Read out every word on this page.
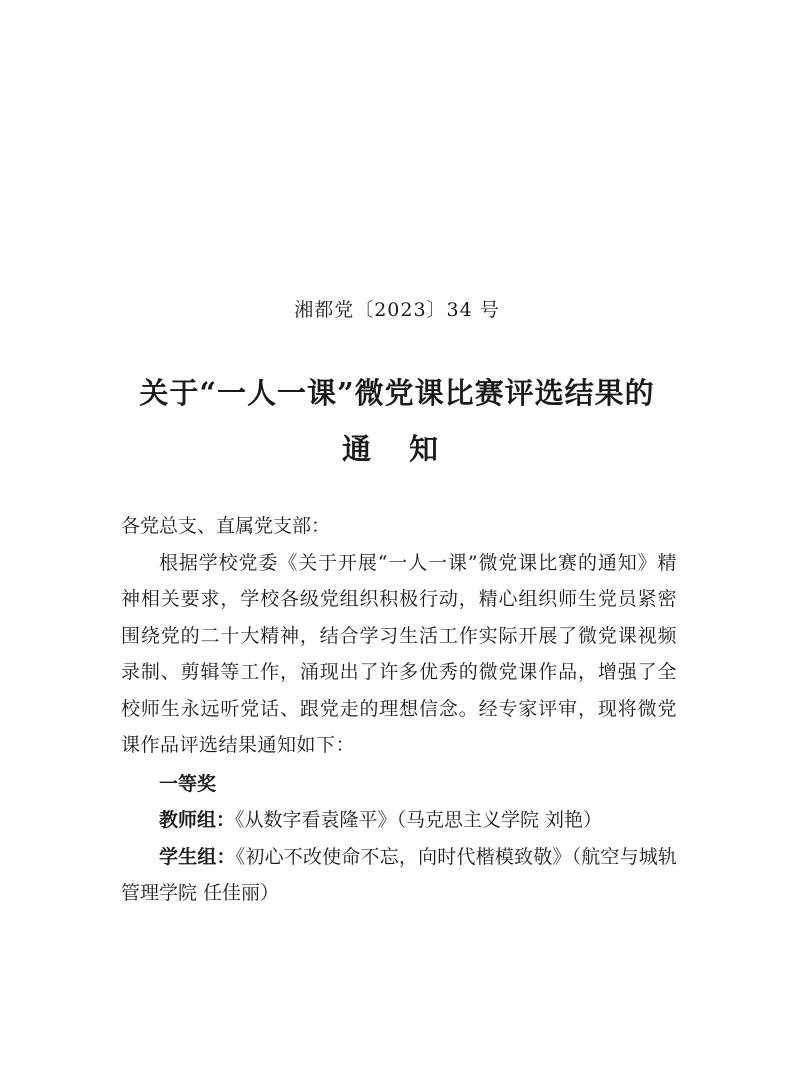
湘都党〔2023〕34 号
关于“一人一课”微党课比赛评选结果的
通 知

各党总支、直属党支部：

根据学校党委《关于开展“一人一课”微党课比赛的通知》精神相关要求，学校各级党组织积极行动，精心组织师生党员紧密围绕党的二十大精神，结合学习生活工作实际开展了微党课视频录制、剪辑等工作，涌现出了许多优秀的微党课作品，增强了全校师生永远听党话、跟党走的理想信念。经专家评审，现将微党课作品评选结果通知如下：

一等奖

教师组：《从数字看袁隆平》（马克思主义学院 刘艳）

学生组：《初心不改使命不忘，向时代楷模致敬》（航空与城轨管理学院 任佳丽）
